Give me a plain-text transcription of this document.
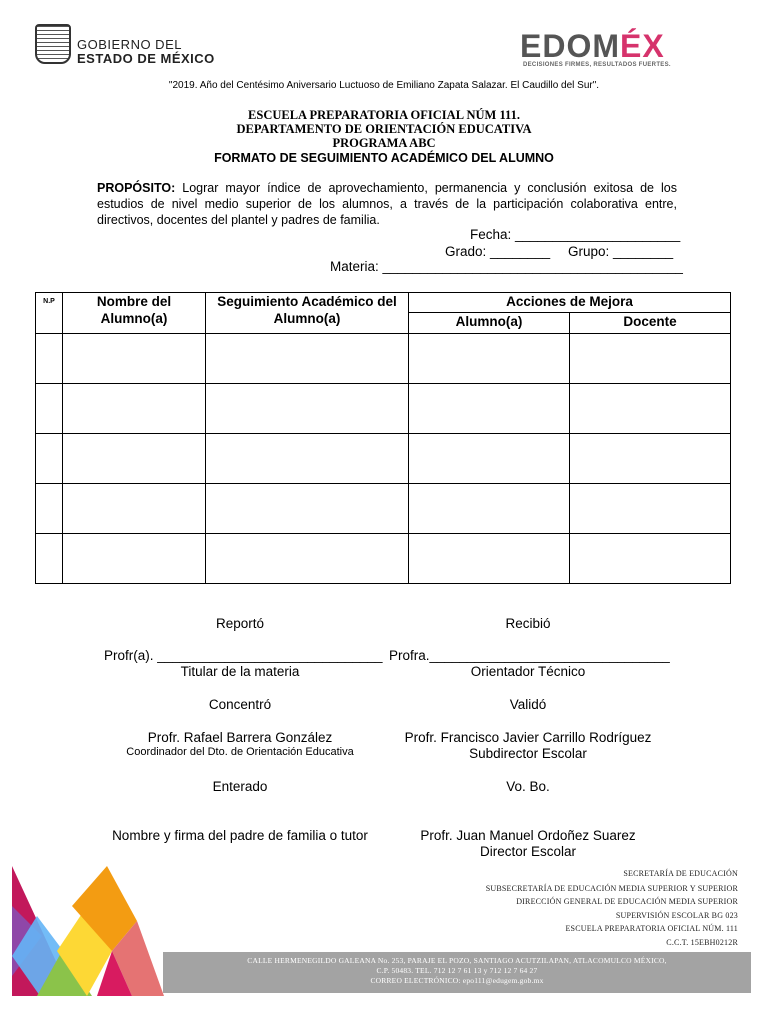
GOBIERNO DEL
ESTADO DE MÉXICO	EDOMÉX
DECISIONES FIRMES, RESULTADOS FUERTES.
"2019. Año del Centésimo Aniversario Luctuoso de Emiliano Zapata Salazar. El Caudillo del Sur".
ESCUELA PREPARATORIA OFICIAL NÚM 111.
DEPARTAMENTO DE ORIENTACIÓN EDUCATIVA
PROGRAMA ABC
FORMATO DE SEGUIMIENTO ACADÉMICO DEL ALUMNO
PROPÓSITO: Lograr mayor índice de aprovechamiento, permanencia y conclusión exitosa de los estudios de nivel medio superior de los alumnos, a través de la participación colaborativa entre, directivos, docentes del plantel y padres de familia.
Fecha: ______________________
Grado: ________ Grupo: ________
Materia: ________________________________________
N.P	Nombre del Alumno(a)	Seguimiento Académico del Alumno(a)	Acciones de Mejora	
			Alumno(a)	Docente

Reportó	Recibió
Profr(a). ______________________________ Profra.________________________________
Titular de la materia	Orientador Técnico
Concentró	Validó
Profr. Rafael Barrera González
Coordinador del Dto. de Orientación Educativa
Profr. Francisco Javier Carrillo Rodríguez
Subdirector Escolar
Enterado	Vo. Bo.
Nombre y firma del padre de familia o tutor	Profr. Juan Manuel Ordoñez Suarez
Director Escolar
SECRETARÍA DE EDUCACIÓN
SUBSECRETARÍA DE EDUCACIÓN MEDIA SUPERIOR Y SUPERIOR
DIRECCIÓN GENERAL DE EDUCACIÓN MEDIA SUPERIOR
SUPERVISIÓN ESCOLAR BG 023
ESCUELA PREPARATORIA OFICIAL NÚM. 111
C.C.T. 15EBH0212R
CALLE HERMENEGILDO GALEANA No. 253, PARAJE EL POZO, SANTIAGO ACUTZILAPAN, ATLACOMULCO MÉXICO,
C.P. 50483. TEL. 712 12 7 61 13 y 712 12 7 64 27
CORREO ELECTRÓNICO: epo111@edugem.gob.mx
